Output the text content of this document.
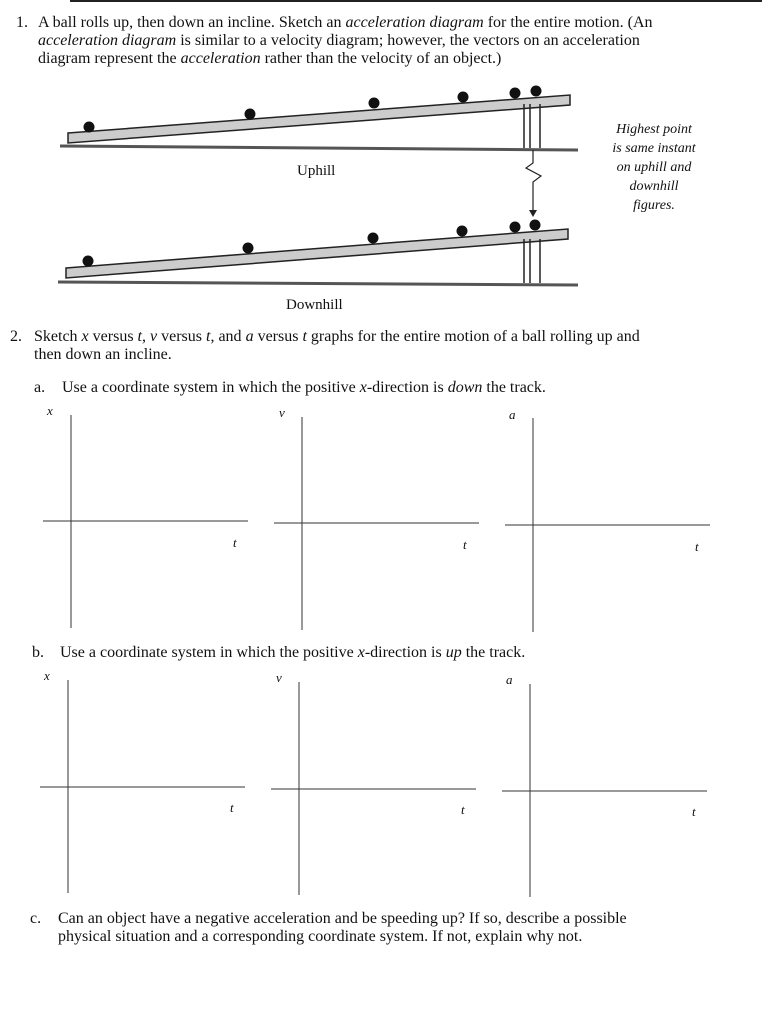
1. A ball rolls up, then down an incline. Sketch an acceleration diagram for the entire motion. (An
acceleration diagram is similar to a velocity diagram; however, the vectors on an acceleration
diagram represent the acceleration rather than the velocity of an object.)
Uphill
Downhill
Highest point
is same instant
on uphill and
downhill
figures.
2. Sketch x versus t, v versus t, and a versus t graphs for the entire motion of a ball rolling up and
then down an incline.
a. Use a coordinate system in which the positive x-direction is down the track.
x	v	a
t	t	t
b. Use a coordinate system in which the positive x-direction is up the track.
x	v	a
t	t	t
c. Can an object have a negative acceleration and be speeding up? If so, describe a possible
physical situation and a corresponding coordinate system. If not, explain why not.
